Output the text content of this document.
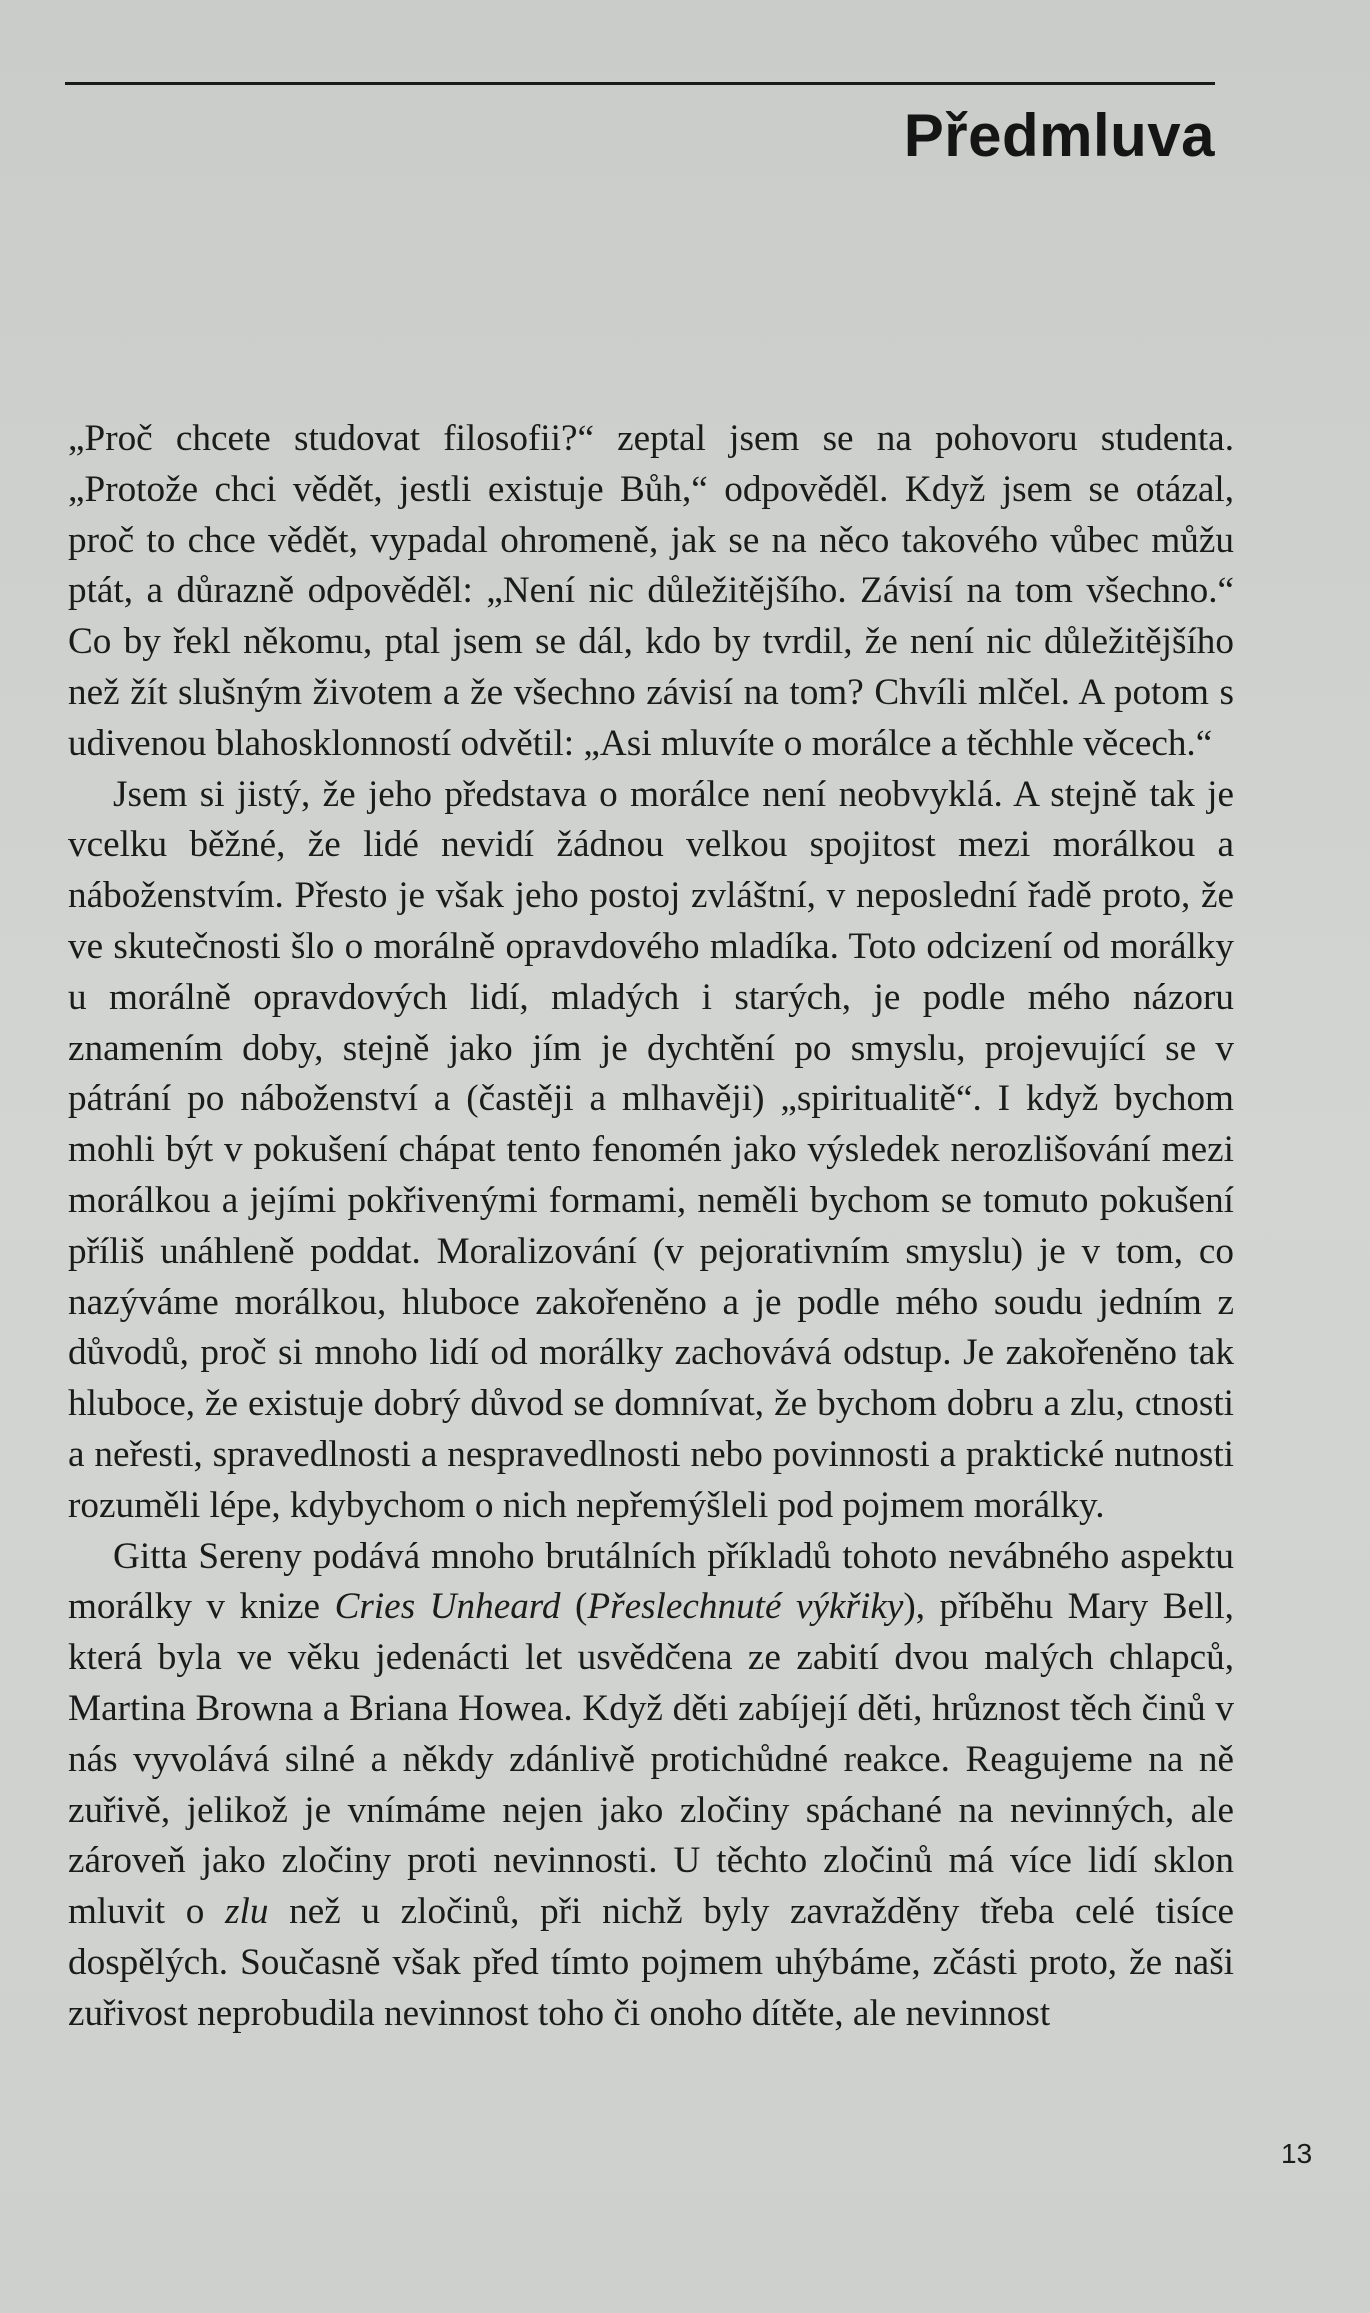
Předmluva

„Proč chcete studovat filosofii?“ zeptal jsem se na pohovoru studenta. „Protože chci vědět, jestli existuje Bůh,“ odpověděl. Když jsem se otázal, proč to chce vědět, vypadal ohromeně, jak se na něco takového vůbec můžu ptát, a důrazně odpověděl: „Není nic důležitějšího. Závisí na tom všechno.“ Co by řekl někomu, ptal jsem se dál, kdo by tvrdil, že není nic důležitějšího než žít slušným životem a že všechno závisí na tom? Chvíli mlčel. A potom s udivenou blahosklonností odvětil: „Asi mluvíte o morálce a těchhle věcech.“

Jsem si jistý, že jeho představa o morálce není neobvyklá. A stejně tak je vcelku běžné, že lidé nevidí žádnou velkou spojitost mezi morálkou a náboženstvím. Přesto je však jeho postoj zvláštní, v neposlední řadě proto, že ve skutečnosti šlo o morálně opravdového mladíka. Toto odcizení od morálky u morálně opravdových lidí, mladých i starých, je podle mého názoru znamením doby, stejně jako jím je dychtění po smyslu, projevující se v pátrání po náboženství a (častěji a mlhavěji) „spiritualitě“. I když bychom mohli být v pokušení chápat tento fenomén jako výsledek nerozlišování mezi morálkou a jejími pokřivenými formami, neměli bychom se tomuto pokušení příliš unáhleně poddat. Moralizování (v pejorativním smyslu) je v tom, co nazýváme morálkou, hluboce zakořeněno a je podle mého soudu jedním z důvodů, proč si mnoho lidí od morálky zachovává odstup. Je zakořeněno tak hluboce, že existuje dobrý důvod se domnívat, že bychom dobru a zlu, ctnosti a neřesti, spravedlnosti a nespravedlnosti nebo povinnosti a praktické nutnosti rozuměli lépe, kdybychom o nich nepřemýšleli pod pojmem morálky.

Gitta Sereny podává mnoho brutálních příkladů tohoto nevábného aspektu morálky v knize Cries Unheard (Přeslechnuté výkřiky), příběhu Mary Bell, která byla ve věku jedenácti let usvědčena ze zabití dvou malých chlapců, Martina Browna a Briana Howea. Když děti zabíjejí děti, hrůznost těch činů v nás vyvolává silné a někdy zdánlivě protichůdné reakce. Reagujeme na ně zuřivě, jelikož je vnímáme nejen jako zločiny spáchané na nevinných, ale zároveň jako zločiny proti nevinnosti. U těchto zločinů má více lidí sklon mluvit o zlu než u zločinů, při nichž byly zavražděny třeba celé tisíce dospělých. Současně však před tímto pojmem uhýbáme, zčásti proto, že naši zuřivost neprobudila nevinnost toho či onoho dítěte, ale nevinnost

13
